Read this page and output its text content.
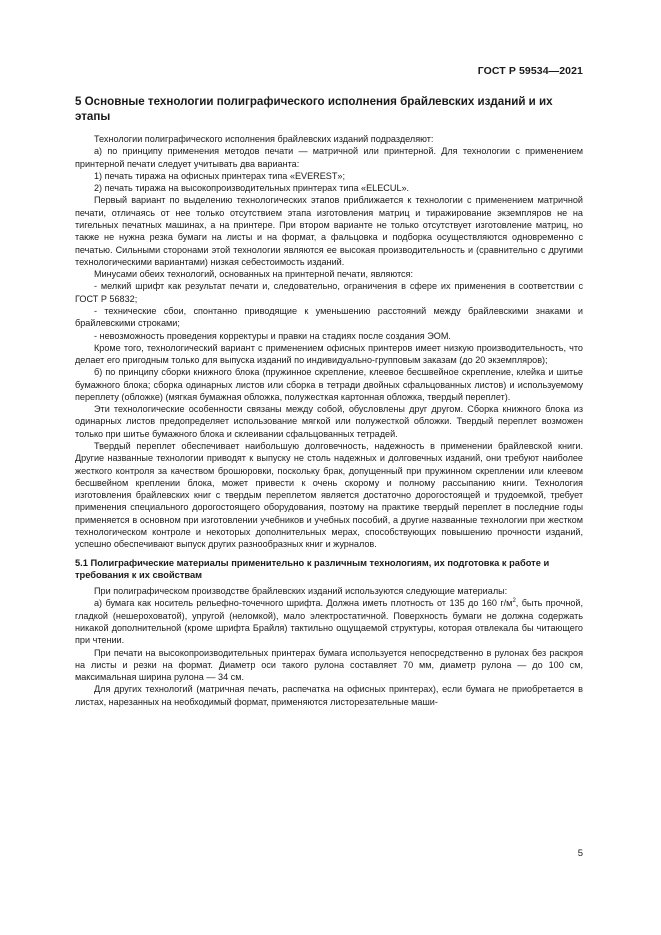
ГОСТ Р 59534—2021
5 Основные технологии полиграфического исполнения брайлевских изданий и их этапы

Технологии полиграфического исполнения брайлевских изданий подразделяют:

а) по принципу применения методов печати — матричной или принтерной. Для технологии с применением принтерной печати следует учитывать два варианта:

1) печать тиража на офисных принтерах типа «EVEREST»;

2) печать тиража на высокопроизводительных принтерах типа «ELECUL».

Первый вариант по выделению технологических этапов приближается к технологии с применением матричной печати, отличаясь от нее только отсутствием этапа изготовления матриц и тиражирование экземпляров не на тигельных печатных машинах, а на принтере. При втором варианте не только отсутствует изготовление матриц, но также не нужна резка бумаги на листы и на формат, а фальцовка и подборка осуществляются одновременно с печатью. Сильными сторонами этой технологии являются ее высокая производительность и (сравнительно с другими технологическими вариантами) низкая себестоимость изданий.

Минусами обеих технологий, основанных на принтерной печати, являются:

- мелкий шрифт как результат печати и, следовательно, ограничения в сфере их применения в соответствии с ГОСТ Р 56832;

- технические сбои, спонтанно приводящие к уменьшению расстояний между брайлевскими знаками и брайлевскими строками;

- невозможность проведения корректуры и правки на стадиях после создания ЭОМ.

Кроме того, технологический вариант с применением офисных принтеров имеет низкую производительность, что делает его пригодным только для выпуска изданий по индивидуально-групповым заказам (до 20 экземпляров);

б) по принципу сборки книжного блока (пружинное скрепление, клеевое бесшвейное скрепление, клейка и шитье бумажного блока; сборка одинарных листов или сборка в тетради двойных сфальцованных листов) и используемому переплету (обложке) (мягкая бумажная обложка, полужесткая картонная обложка, твердый переплет).

Эти технологические особенности связаны между собой, обусловлены друг другом. Сборка книжного блока из одинарных листов предопределяет использование мягкой или полужесткой обложки. Твердый переплет возможен только при шитье бумажного блока и склеивании сфальцованных тетрадей.

Твердый переплет обеспечивает наибольшую долговечность, надежность в применении брайлевской книги. Другие названные технологии приводят к выпуску не столь надежных и долговечных изданий, они требуют наиболее жесткого контроля за качеством брошюровки, поскольку брак, допущенный при пружинном скреплении или клеевом бесшвейном креплении блока, может привести к очень скорому и полному рассыпанию книги. Технология изготовления брайлевских книг с твердым переплетом является достаточно дорогостоящей и трудоемкой, требует применения специального дорогостоящего оборудования, поэтому на практике твердый переплет в последние годы применяется в основном при изготовлении учебников и учебных пособий, а другие названные технологии при жестком технологическом контроле и некоторых дополнительных мерах, способствующих повышению прочности изданий, успешно обеспечивают выпуск других разнообразных книг и журналов.

5.1 Полиграфические материалы применительно к различным технологиям, их подготовка к работе и требования к их свойствам

При полиграфическом производстве брайлевских изданий используются следующие материалы:

а) бумага как носитель рельефно-точечного шрифта. Должна иметь плотность от 135 до 160 $г/м^2$, быть прочной, гладкой (нешероховатой), упругой (неломкой), мало электростатичной. Поверхность бумаги не должна содержать никакой дополнительной (кроме шрифта Брайля) тактильно ощущаемой структуры, которая отвлекала бы читающего при чтении.

При печати на высокопроизводительных принтерах бумага используется непосредственно в рулонах без раскроя на листы и резки на формат. Диаметр оси такого рулона составляет 70 мм, диаметр рулона — до 100 см, максимальная ширина рулона — 34 см.

Для других технологий (матричная печать, распечатка на офисных принтерах), если бумага не приобретается в листах, нарезанных на необходимый формат, применяются листорезательные маши-

5
